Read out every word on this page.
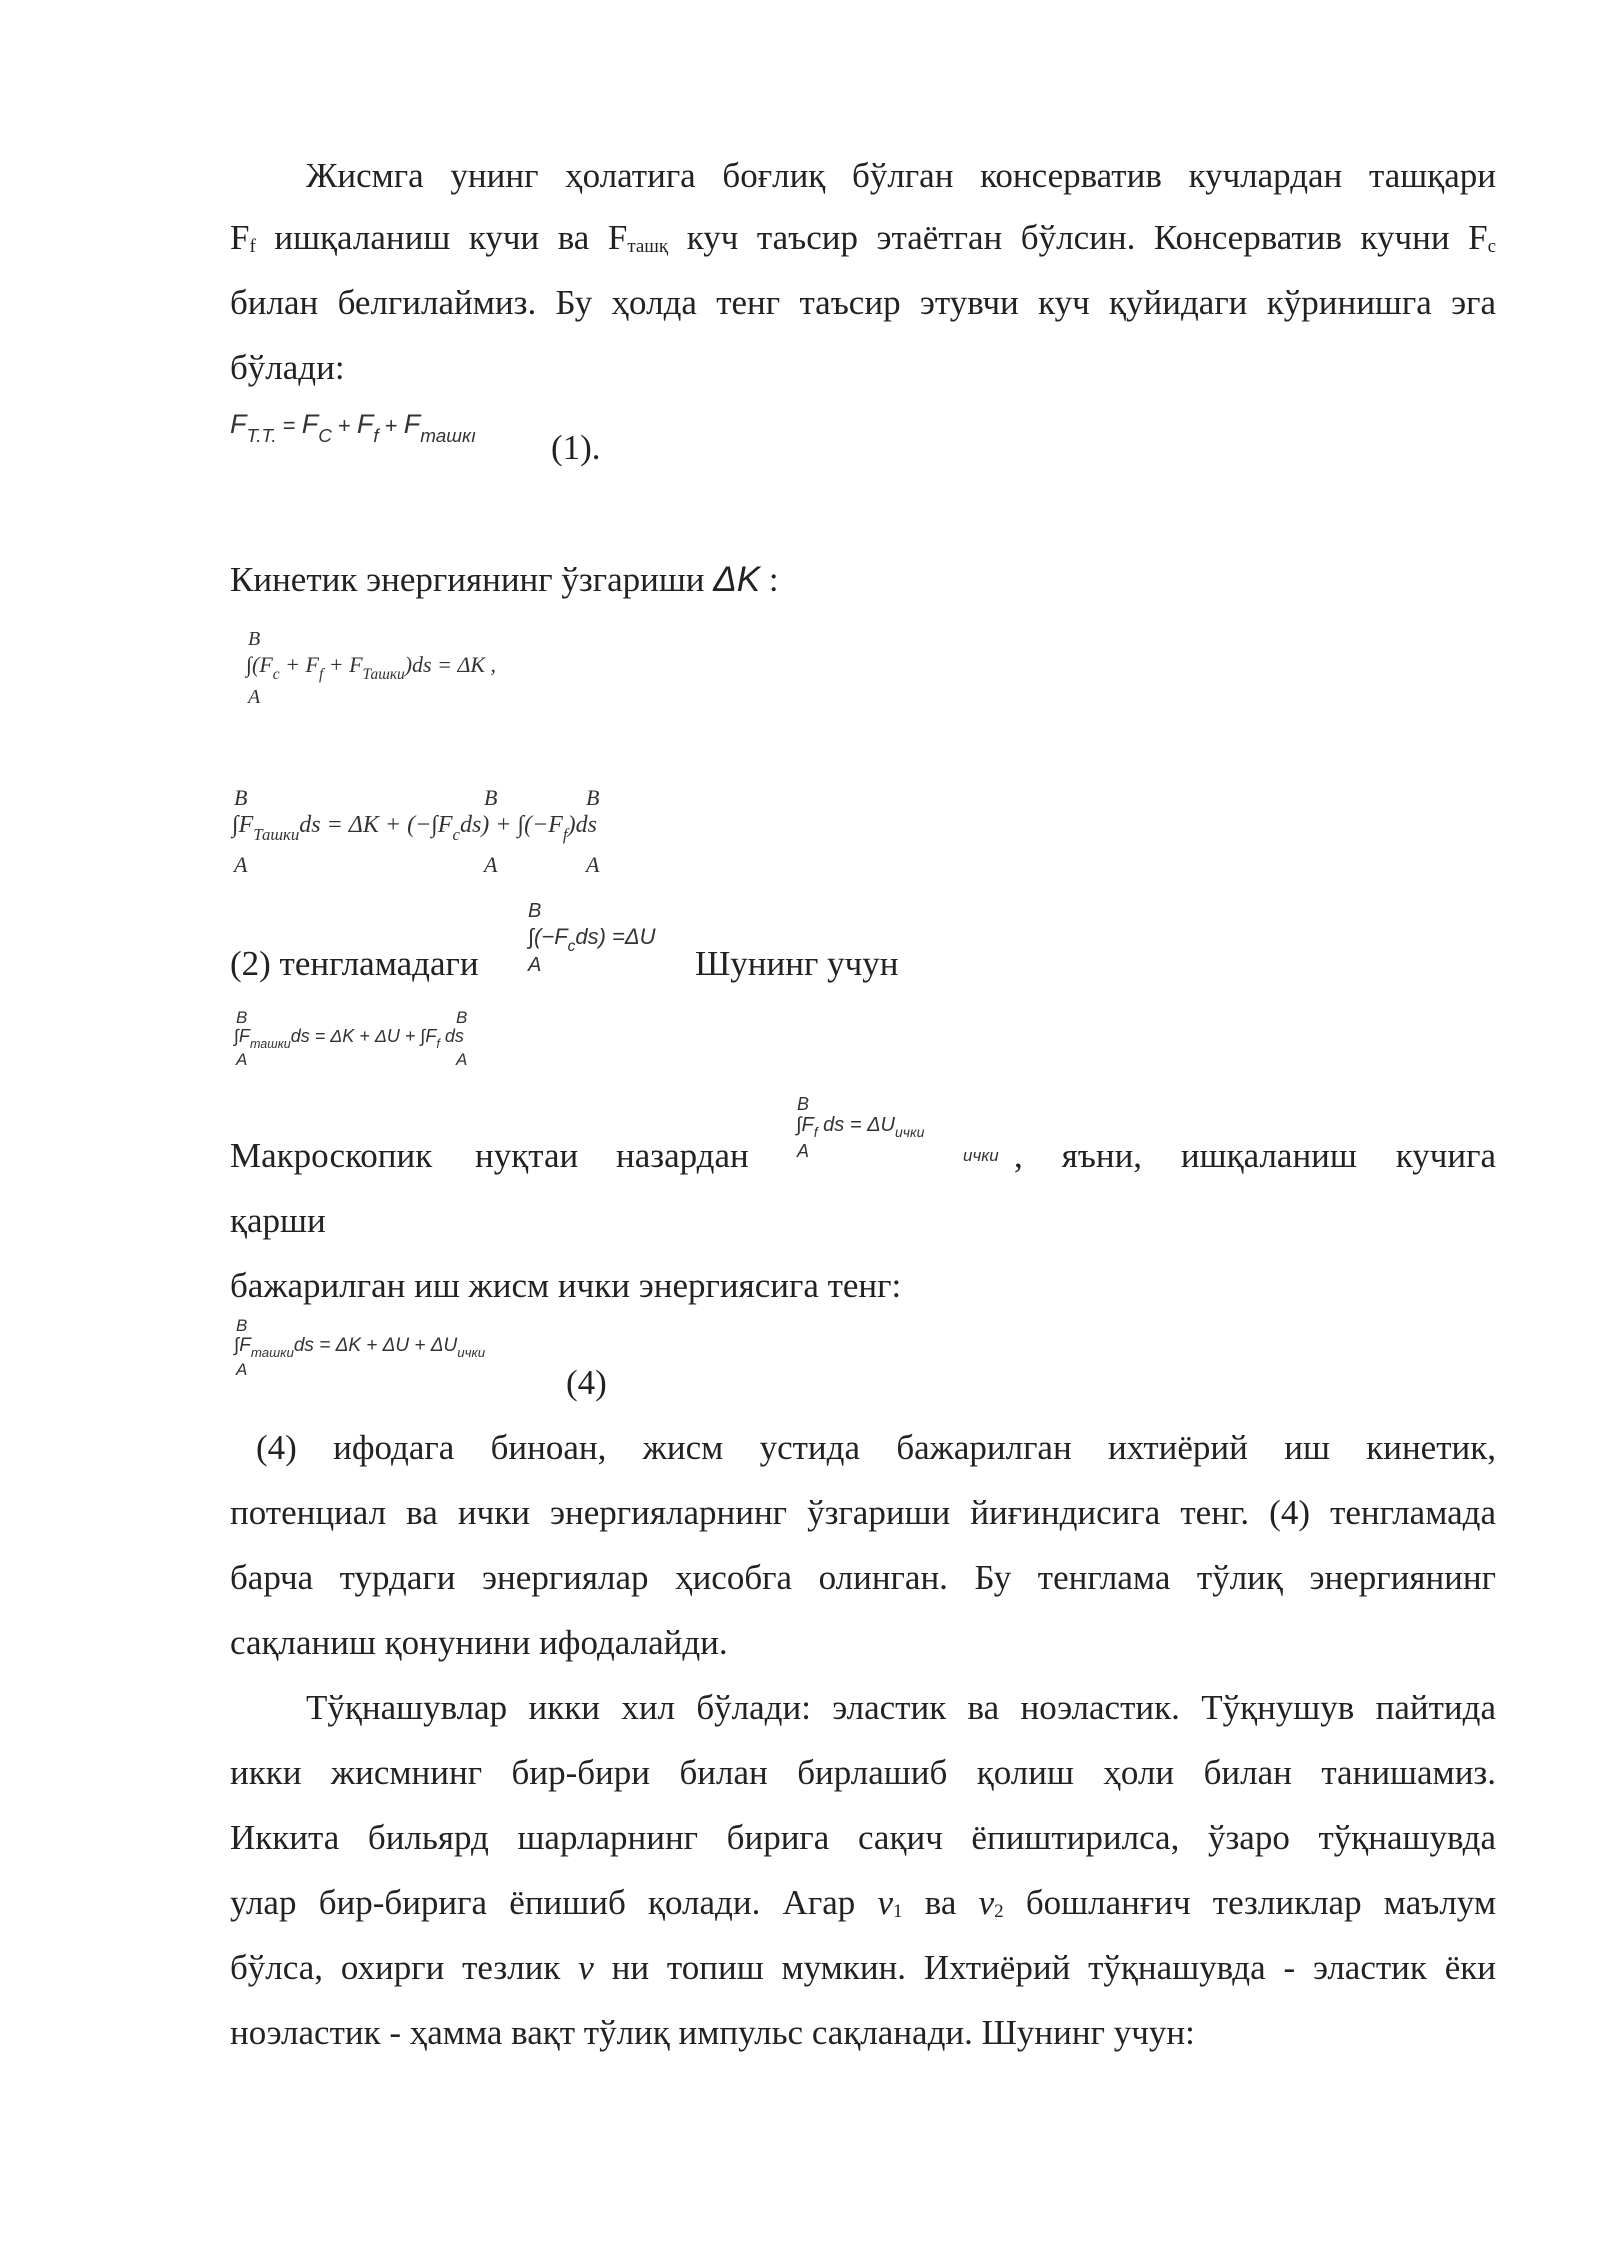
Жисмга унинг ҳолатига боғлиқ бўлган консерватив кучлардан ташқари
$F_f$ ишқаланиш кучи ва $F_{ташқ}$ куч таъсир этаётган бўлсин. Консерватив кучни $F_c$
билан белгилаймиз. Бу ҳолда тенг таъсир этувчи куч қуйидаги кўринишга эга
бўлади:
$F_{T.T.} = F_C + F_f + F_{ташкı}$ (1).
Кинетик энергиянинг ўзгариши ΔK :
B
A
$\int(F_c + F_f + F_{Ташки})ds = \Delta K$ ,
B
A
B
A
B
A
$\int F_{Ташки}ds = \Delta K + (-\int F_cds) + \int(-F_f)ds$
(2) тенгламадаги
B
A
$\int(-F_cds) =\Delta U$
Шунинг учун
B
A
B
A
$\int F_{ташки}ds = \Delta K + \Delta U + \int F_f$ ds
Макроскопик нуқтаи назардан
B
A
$\int F_f$ ds = $\Delta U_{ички}$
ички , яъни, ишқаланиш кучига
қарши
бажарилган иш жисм ички энергиясига тенг:
B
A
$\int F_{ташки}ds = \Delta K + \Delta U + \Delta U_{ички}$
(4)
(4) ифодага биноан, жисм устида бажарилган ихтиёрий иш кинетик,
потенциал ва ички энергияларнинг ўзгариши йиғиндисига тенг. (4) тенгламада
барча турдаги энергиялар ҳисобга олинган. Бу тенглама тўлиқ энергиянинг
сақланиш қонунини ифодалайди.
Тўқнашувлар икки хил бўлади: эластик ва ноэластик. Тўқнушув пайтида
икки жисмнинг бир-бири билан бирлашиб қолиш ҳоли билан танишамиз.
Иккита бильярд шарларнинг бирига сақич ёпиштирилса, ўзаро тўқнашувда
улар бир-бирига ёпишиб қолади. Агар $v_1$ ва $v_2$ бошланғич тезликлар маълум
бўлса, охирги тезлик v ни топиш мумкин. Ихтиёрий тўқнашувда - эластик ёки
ноэластик - ҳамма вақт тўлиқ импульс сақланади. Шунинг учун:
